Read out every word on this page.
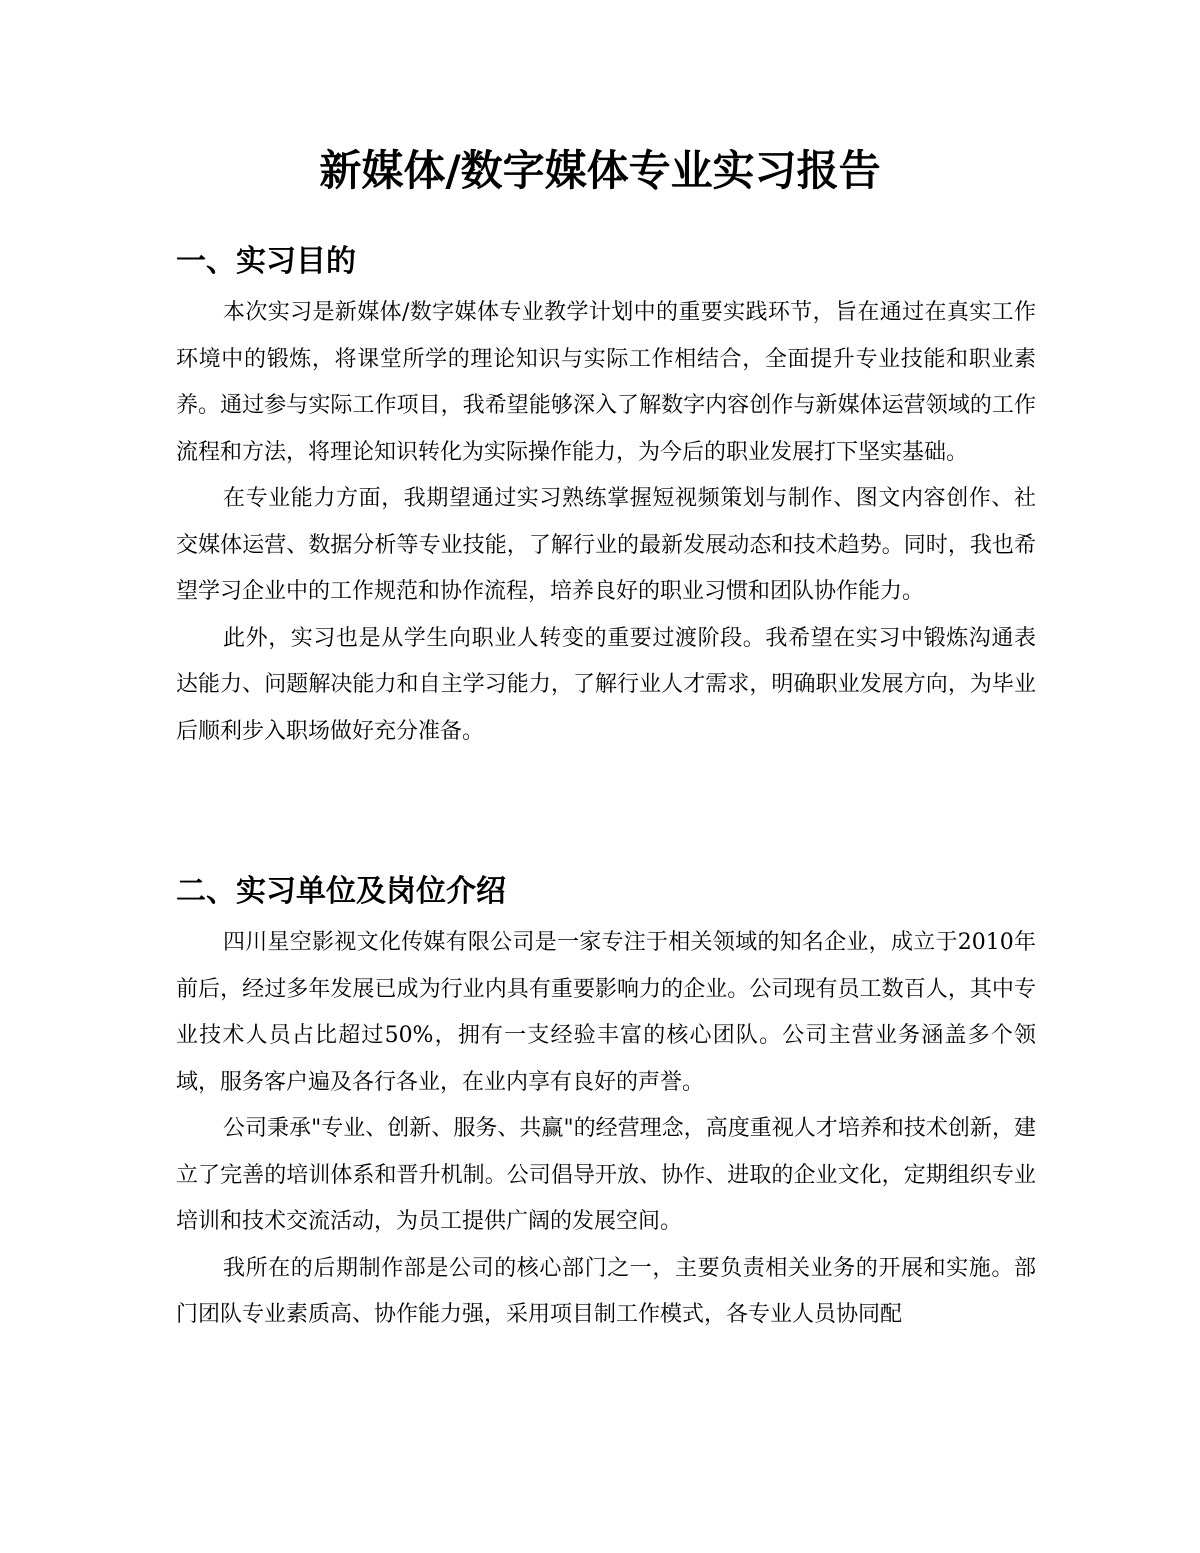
新媒体/数字媒体专业实习报告
一、实习目的

本次实习是新媒体/数字媒体专业教学计划中的重要实践环节，旨在通过在真实工作环境中的锻炼，将课堂所学的理论知识与实际工作相结合，全面提升专业技能和职业素养。通过参与实际工作项目，我希望能够深入了解数字内容创作与新媒体运营领域的工作流程和方法，将理论知识转化为实际操作能力，为今后的职业发展打下坚实基础。

在专业能力方面，我期望通过实习熟练掌握短视频策划与制作、图文内容创作、社交媒体运营、数据分析等专业技能，了解行业的最新发展动态和技术趋势。同时，我也希望学习企业中的工作规范和协作流程，培养良好的职业习惯和团队协作能力。

此外，实习也是从学生向职业人转变的重要过渡阶段。我希望在实习中锻炼沟通表达能力、问题解决能力和自主学习能力，了解行业人才需求，明确职业发展方向，为毕业后顺利步入职场做好充分准备。

二、实习单位及岗位介绍

四川星空影视文化传媒有限公司是一家专注于相关领域的知名企业，成立于2010年前后，经过多年发展已成为行业内具有重要影响力的企业。公司现有员工数百人，其中专业技术人员占比超过50%，拥有一支经验丰富的核心团队。公司主营业务涵盖多个领域，服务客户遍及各行各业，在业内享有良好的声誉。

公司秉承"专业、创新、服务、共赢"的经营理念，高度重视人才培养和技术创新，建立了完善的培训体系和晋升机制。公司倡导开放、协作、进取的企业文化，定期组织专业培训和技术交流活动，为员工提供广阔的发展空间。

我所在的后期制作部是公司的核心部门之一，主要负责相关业务的开展和实施。部门团队专业素质高、协作能力强，采用项目制工作模式，各专业人员协同配
